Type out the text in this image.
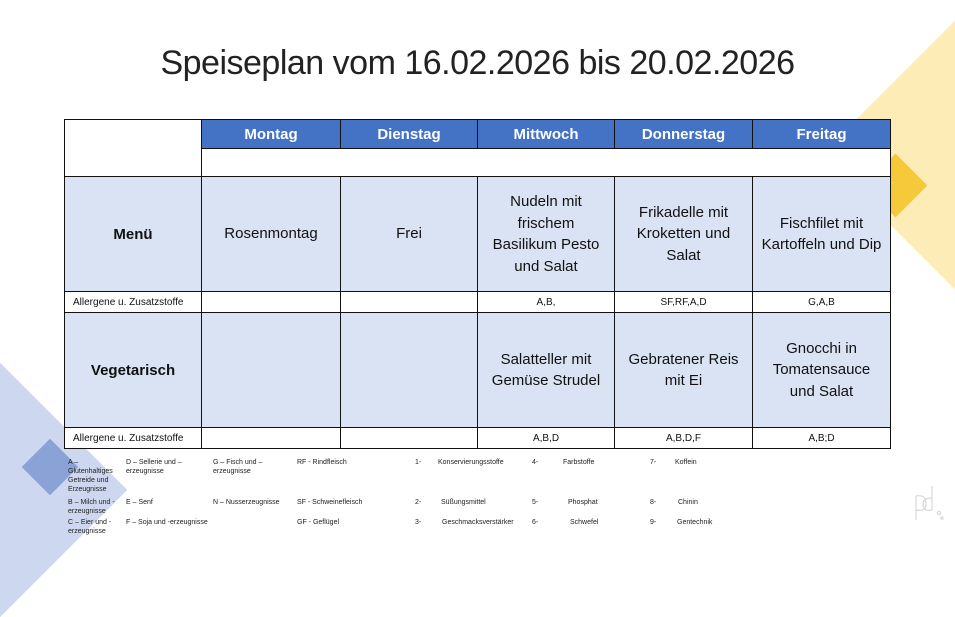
Speiseplan vom 16.02.2026 bis 20.02.2026
	Montag	Dienstag	Mittwoch	Donnerstag	Freitag

Menü	Rosenmontag	Frei	Nudeln mit frischem Basilikum Pesto und Salat	Frikadelle mit Kroketten und Salat	Fischfilet mit Kartoffeln und Dip
Allergene u. Zusatzstoffe			A,B,	SF,RF,A,D	G,A,B
Vegetarisch			Salatteller mit Gemüse Strudel	Gebratener Reis mit Ei	Gnocchi in Tomatensauce und Salat
Allergene u. Zusatzstoffe			A,B,D	A,B,D,F	A,B;D
A – Glutenhaltiges Getreide und Erzeugnisse
B – Milch und -erzeugnisse
C – Eier und -erzeugnisse
D – Sellerie und –erzeugnisse
E – Senf
F – Soja und -erzeugnisse
G – Fisch und –erzeugnisse
N – Nusserzeugnisse
RF - Rindfleisch
SF - Schweinefleisch
GF - Geflügel
1- Konservierungsstoffe
2-	Süßungsmittel
3-	Geschmacksverstärker
4-	Farbstoffe
5-	Phosphat
6-	Schwefel
7-	Koffein
8-	Chinin
9-	Gentechnik
